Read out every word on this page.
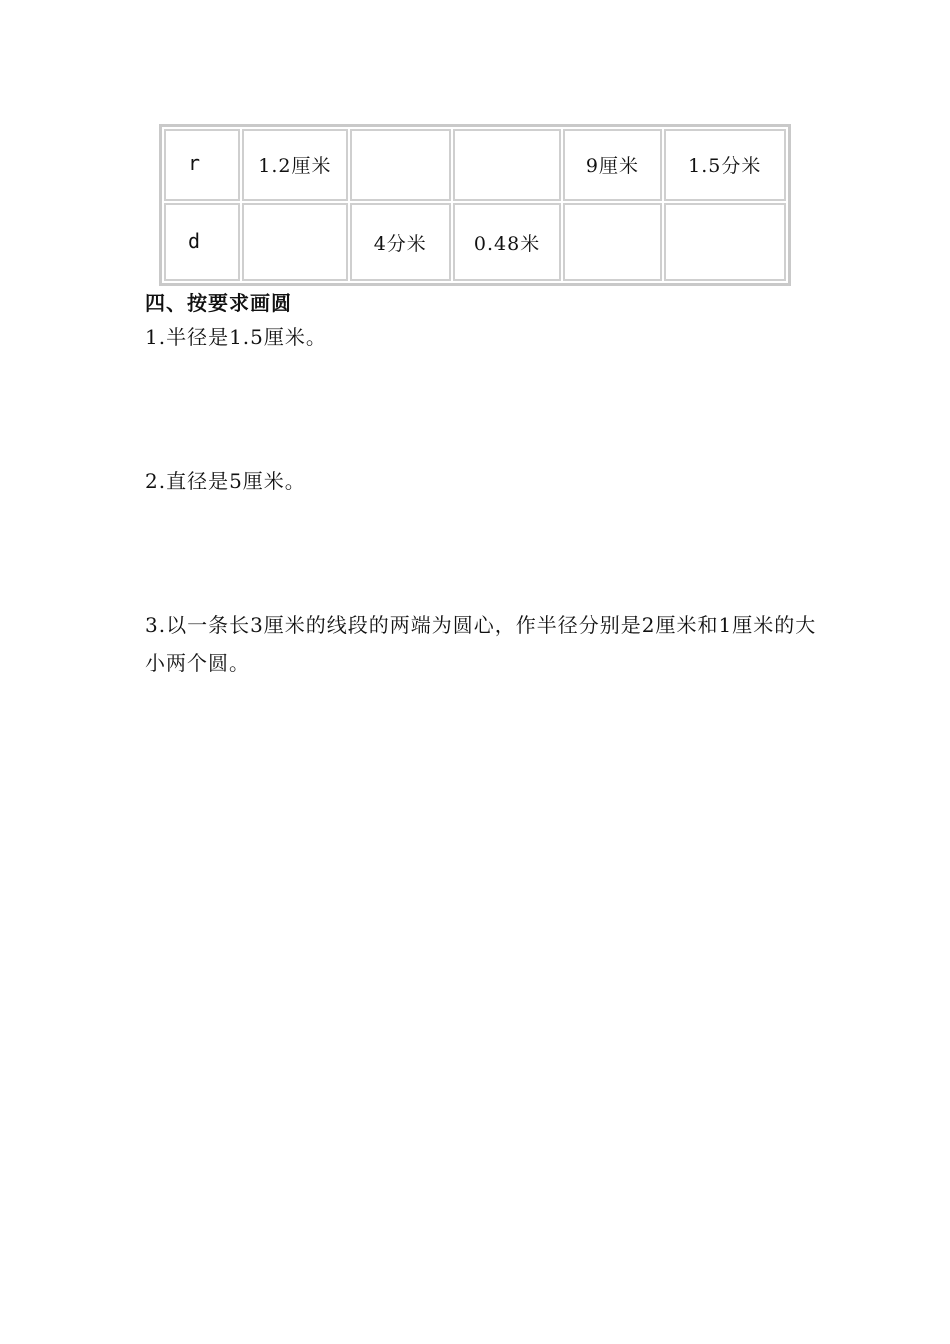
r	1.2厘米			9厘米	1.5分米

d		4分米	0.48米		

四、按要求画圆
1.半径是1.5厘米。
2.直径是5厘米。
3.以一条长3厘米的线段的两端为圆心，作半径分别是2厘米和1厘米的大小两个圆。
